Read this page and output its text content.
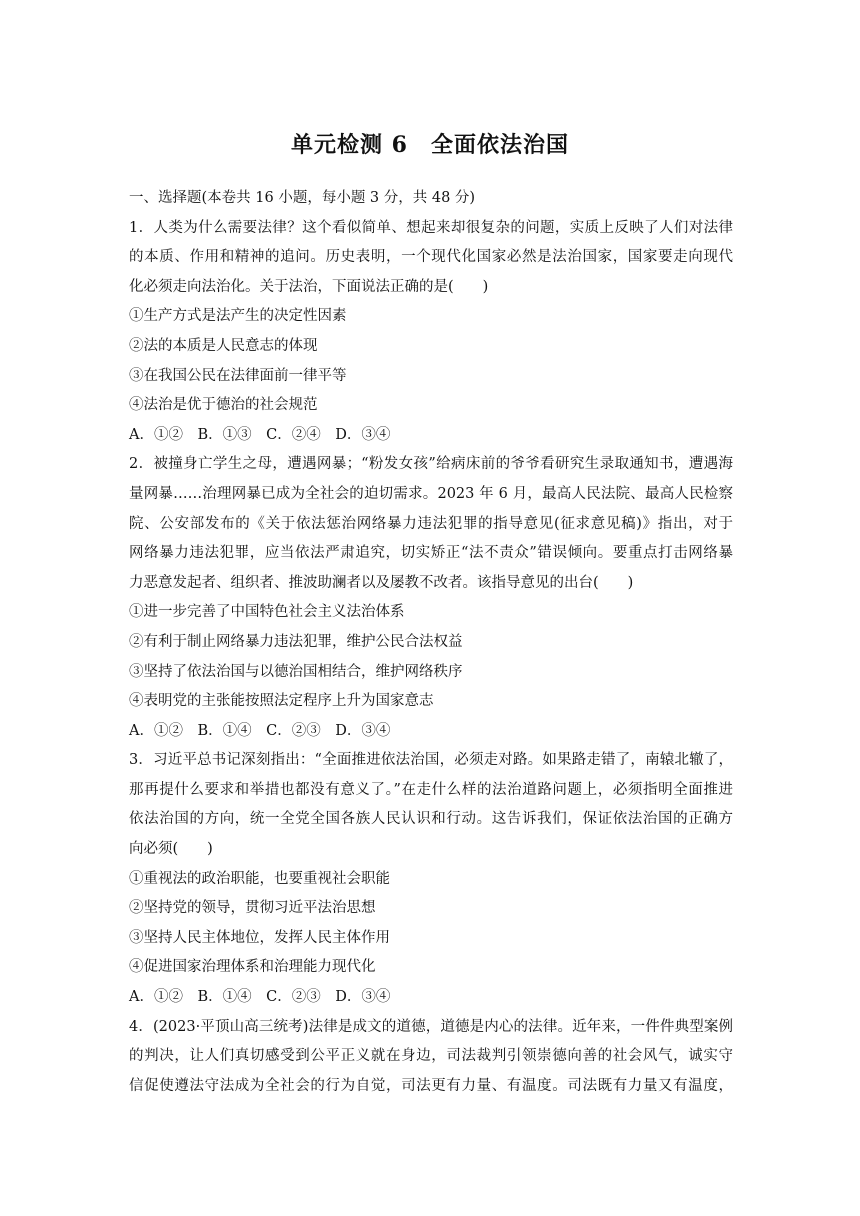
单元检测 6　全面依法治国
一、选择题(本卷共 16 小题，每小题 3 分，共 48 分)
1．人类为什么需要法律？这个看似简单、想起来却很复杂的问题，实质上反映了人们对法律
的本质、作用和精神的追问。历史表明，一个现代化国家必然是法治国家，国家要走向现代
化必须走向法治化。关于法治，下面说法正确的是(　　)
①生产方式是法产生的决定性因素
②法的本质是人民意志的体现
③在我国公民在法律面前一律平等
④法治是优于德治的社会规范
A．①②　B．①③　C．②④　D．③④
2．被撞身亡学生之母，遭遇网暴；“粉发女孩”给病床前的爷爷看研究生录取通知书，遭遇海
量网暴……治理网暴已成为全社会的迫切需求。2023 年 6 月，最高人民法院、最高人民检察
院、公安部发布的《关于依法惩治网络暴力违法犯罪的指导意见(征求意见稿)》指出，对于
网络暴力违法犯罪，应当依法严肃追究，切实矫正“法不责众”错误倾向。要重点打击网络暴
力恶意发起者、组织者、推波助澜者以及屡教不改者。该指导意见的出台(　　)
①进一步完善了中国特色社会主义法治体系
②有利于制止网络暴力违法犯罪，维护公民合法权益
③坚持了依法治国与以德治国相结合，维护网络秩序
④表明党的主张能按照法定程序上升为国家意志
A．①②　B．①④　C．②③　D．③④
3．习近平总书记深刻指出：“全面推进依法治国，必须走对路。如果路走错了，南辕北辙了，
那再提什么要求和举措也都没有意义了。”在走什么样的法治道路问题上，必须指明全面推进
依法治国的方向，统一全党全国各族人民认识和行动。这告诉我们，保证依法治国的正确方
向必须(　　)
①重视法的政治职能，也要重视社会职能
②坚持党的领导，贯彻习近平法治思想
③坚持人民主体地位，发挥人民主体作用
④促进国家治理体系和治理能力现代化
A．①②　B．①④　C．②③　D．③④
4．(2023·平顶山高三统考)法律是成文的道德，道德是内心的法律。近年来，一件件典型案例
的判决，让人们真切感受到公平正义就在身边，司法裁判引领崇德向善的社会风气，诚实守
信促使遵法守法成为全社会的行为自觉，司法更有力量、有温度。司法既有力量又有温度，
